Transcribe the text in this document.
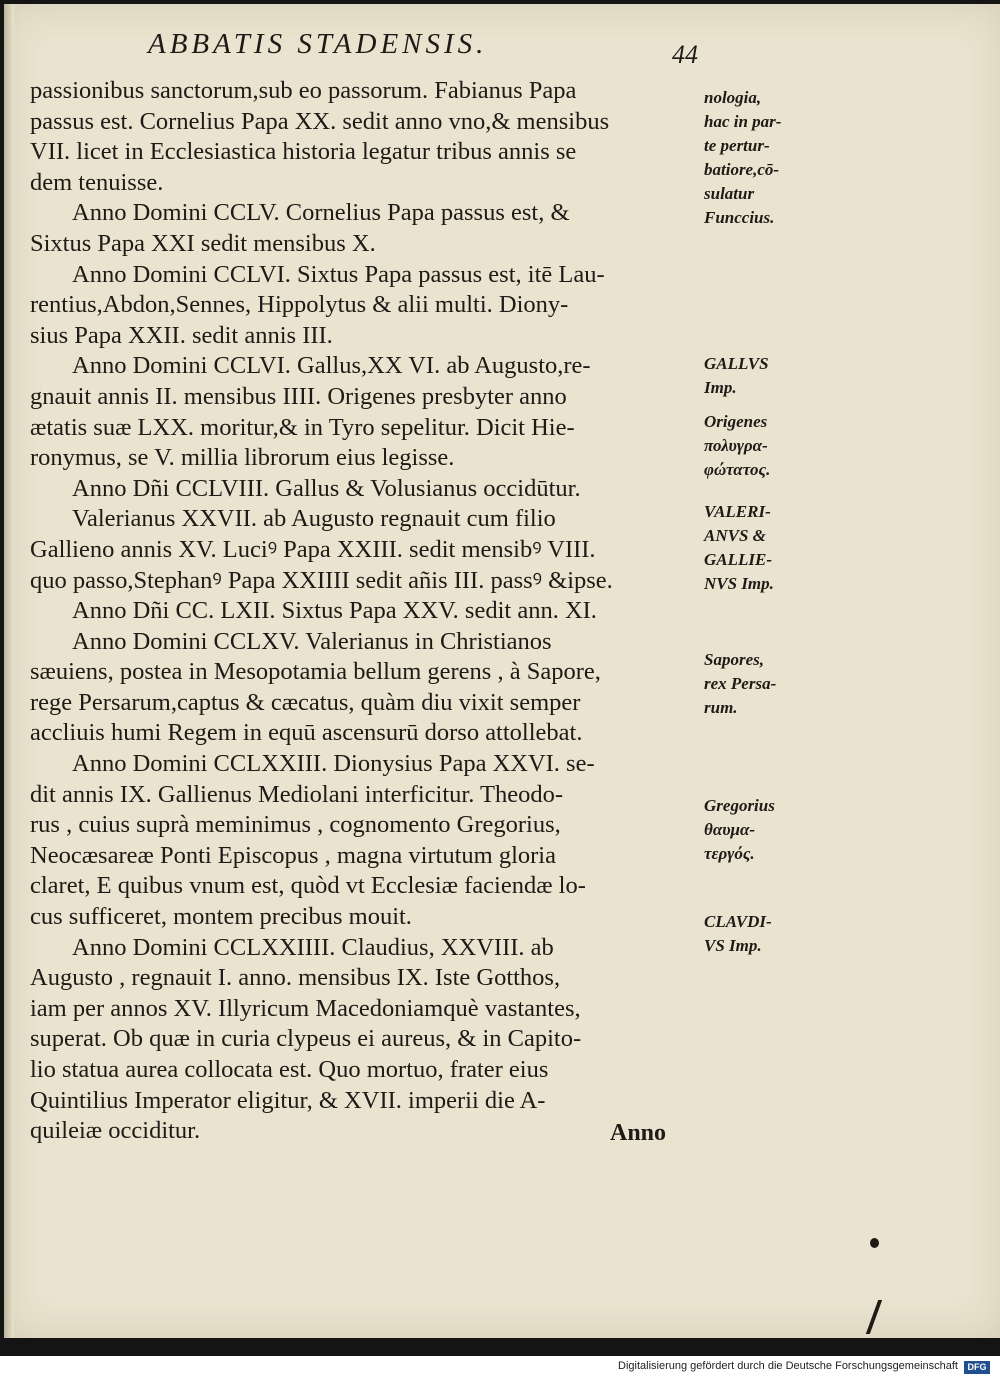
ABBATIS STADENSIS.	44
passionibus sanctorum,sub eo passorum. Fabianus Papa
passus est. Cornelius Papa XX. sedit anno vno,& mensibus
VII. licet in Ecclesiastica historia legatur tribus annis se
dem tenuisse.
Anno Domini CCLV. Cornelius Papa passus est, &
Sixtus Papa XXI sedit mensibus X.
Anno Domini CCLVI. Sixtus Papa passus est, itē Lau-
rentius,Abdon,Sennes, Hippolytus & alii multi. Diony-
sius Papa XXII. sedit annis III.
Anno Domini CCLVI. Gallus,XX VI. ab Augusto,re-
gnauit annis II. mensibus IIII. Origenes presbyter anno
ætatis suæ LXX. moritur,& in Tyro sepelitur. Dicit Hie-
ronymus, se V. millia librorum eius legisse.
Anno Dñi CCLVIII. Gallus & Volusianus occidūtur.
Valerianus XXVII. ab Augusto regnauit cum filio
Gallieno annis XV. Luciꝰ Papa XXIII. sedit mensibꝰ VIII.
quo passo,Stephanꝰ Papa XXIIII sedit añis III. passꝰ &ipse.
Anno Dñi CC. LXII. Sixtus Papa XXV. sedit ann. XI.
Anno Domini CCLXV. Valerianus in Christianos
sæuiens, postea in Mesopotamia bellum gerens , à Sapore,
rege Persarum,captus & cæcatus, quàm diu vixit semper
accliuis humi Regem in equū ascensurū dorso attollebat.
Anno Domini CCLXXIII. Dionysius Papa XXVI. se-
dit annis IX. Gallienus Mediolani interficitur. Theodo-
rus , cuius suprà meminimus , cognomento Gregorius,
Neocæsareæ Ponti Episcopus , magna virtutum gloria
claret, E quibus vnum est, quòd vt Ecclesiæ faciendæ lo-
cus sufficeret, montem precibus mouit.
Anno Domini CCLXXIIII. Claudius, XXVIII. ab
Augusto , regnauit I. anno. mensibus IX. Iste Gotthos,
iam per annos XV. Illyricum Macedoniamquè vastantes,
superat. Ob quæ in curia clypeus ei aureus, & in Capito-
lio statua aurea collocata est. Quo mortuo, frater eius
Quintilius Imperator eligitur, & XVII. imperii die A-
quileiæ occiditur.
nologia,
hac in par-
te pertur-
batiore,cō-
sulatur
Funccius.
GALLVS
Imp.
Origenes
πολυγρα-
φώτατος.
VALERI-
ANVS &
GALLIE-
NVS Imp.
Sapores,
rex Persa-
rum.
Gregorius
θαυμα-
τεργός.
CLAVDI-
VS Imp.
Anno
Digitalisierung gefördert durch die Deutsche Forschungsgemeinschaft	DFG
